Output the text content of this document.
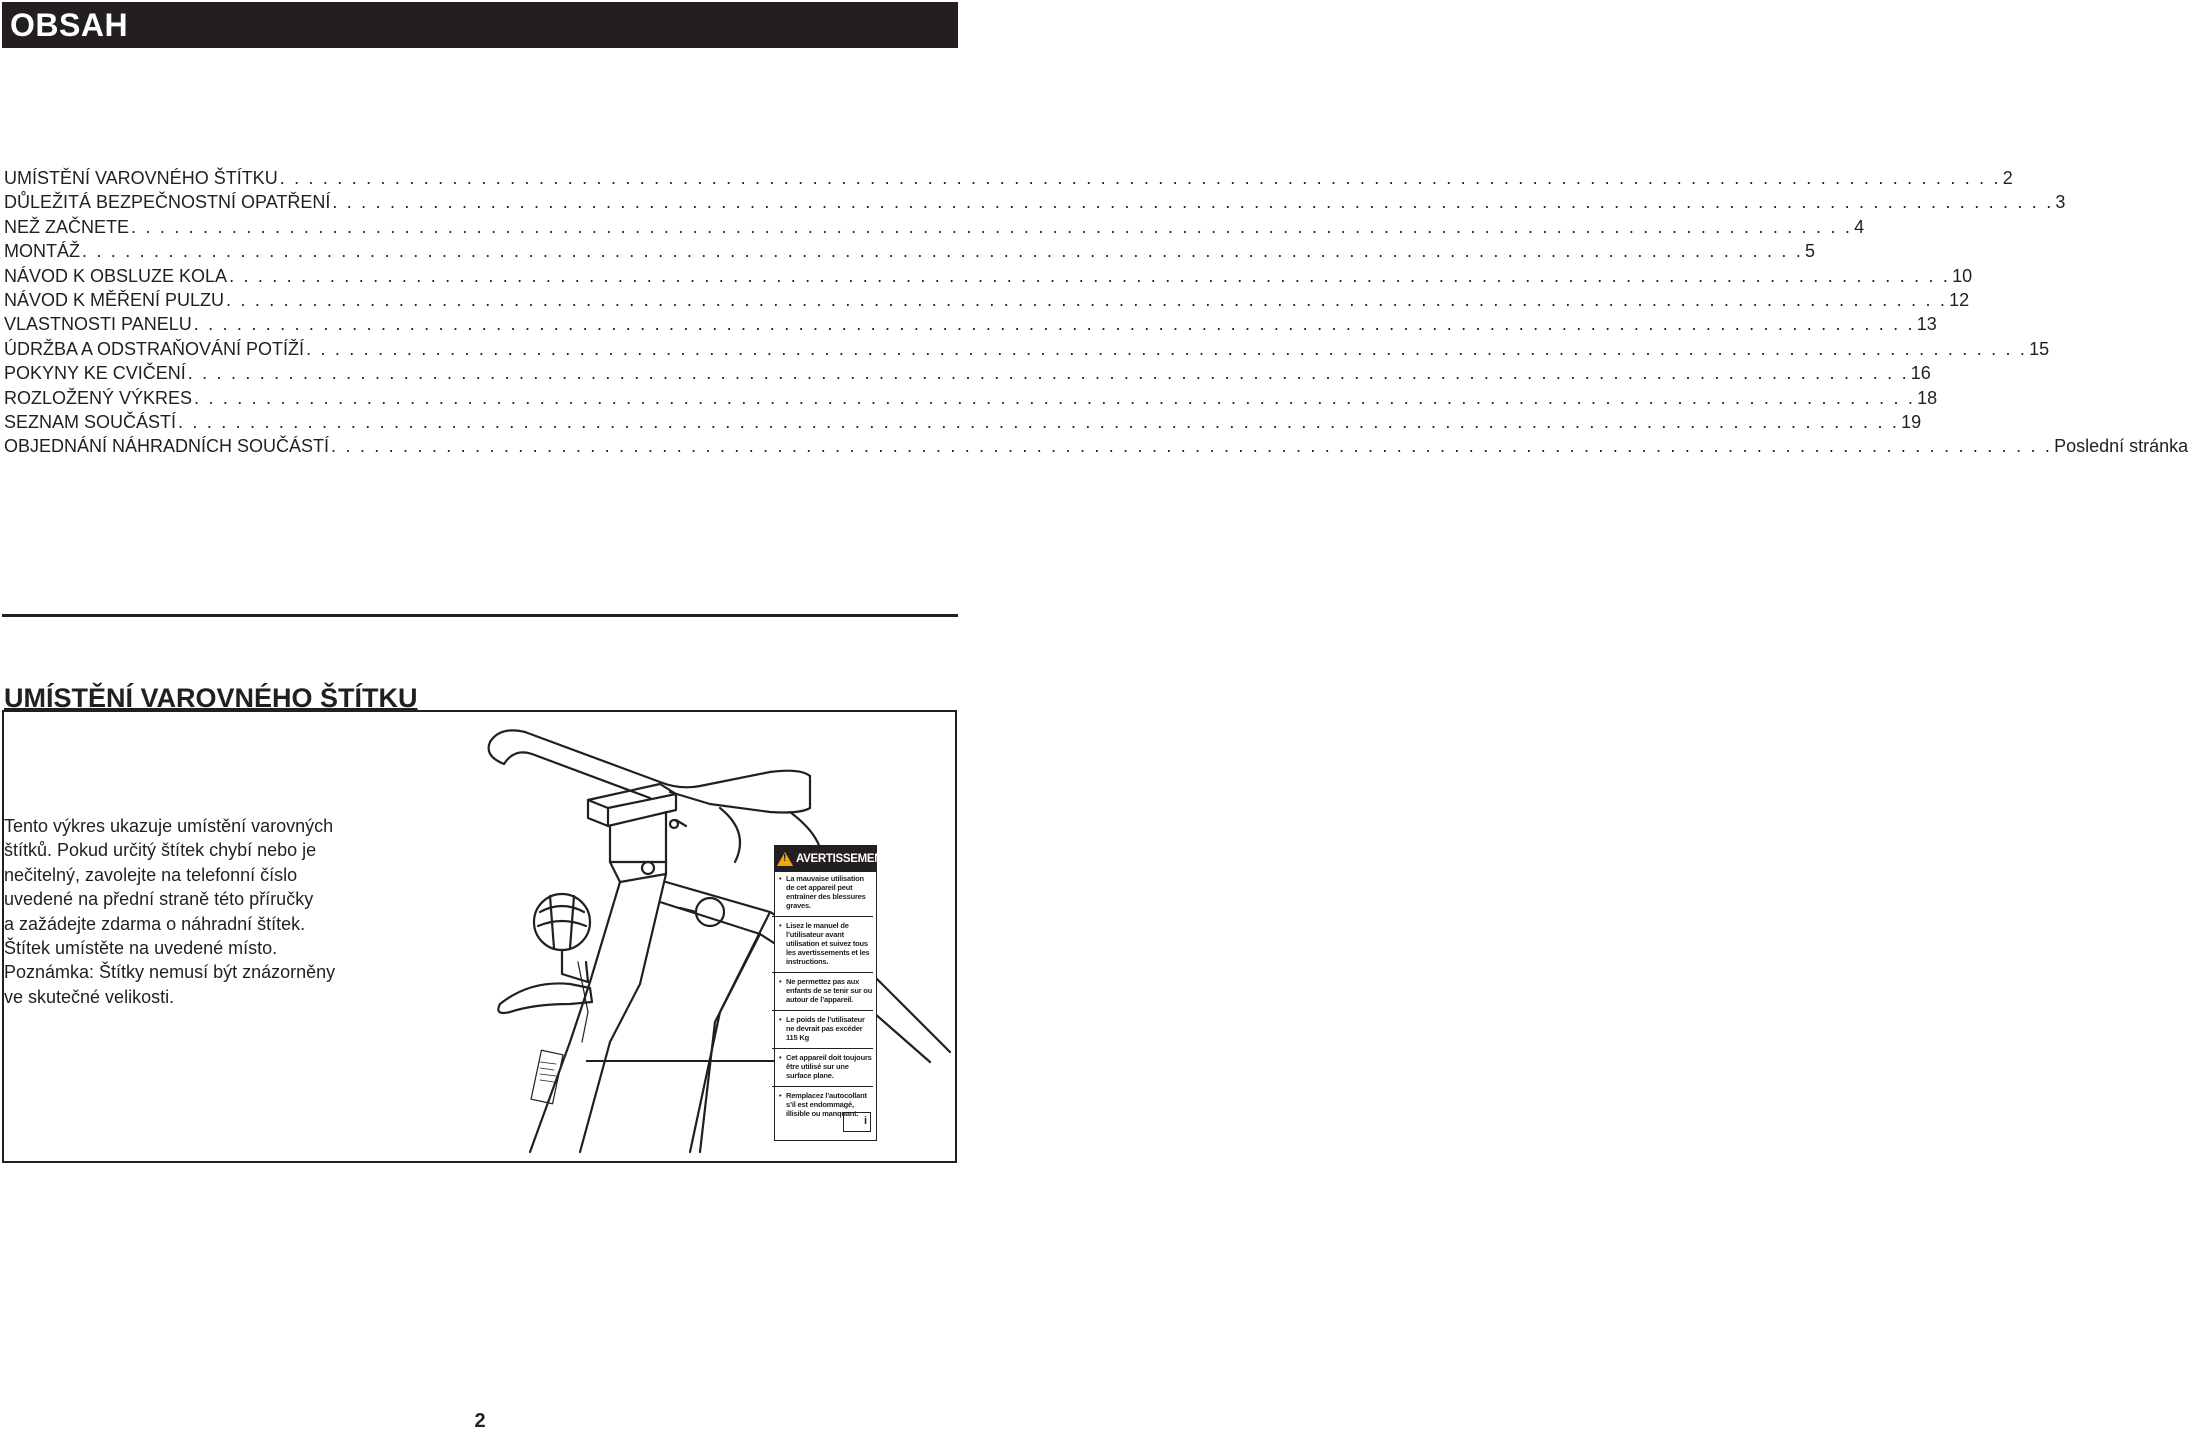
OBSAH
UMÍSTĚNÍ VAROVNÉHO ŠTÍTKU . . . . . . . . . . . . . . . . . . . . . . . . . . . . . . . . . . . . . . . . . . . . . . . . . . . . . . . . . . . . . . . . . . . . . . . . . . . . . . . . . . . . . . . . . . . . . . . . . . . . . . . . . . . . . . . . . . . . . . . . 2
DŮLEŽITÁ BEZPEČNOSTNÍ OPATŘENÍ . . . . . . . . . . . . . . . . . . . . . . . . . . . . . . . . . . . . . . . . . . . . . . . . . . . . . . . . . . . . . . . . . . . . . . . . . . . . . . . . . . . . . . . . . . . . . . . . . . . . . . . . . . . . . . . . . . . . . . . . 3
NEŽ ZAČNETE . . . . . . . . . . . . . . . . . . . . . . . . . . . . . . . . . . . . . . . . . . . . . . . . . . . . . . . . . . . . . . . . . . . . . . . . . . . . . . . . . . . . . . . . . . . . . . . . . . . . . . . . . . . . . . . . . . . . . . . . 4
MONTÁŽ . . . . . . . . . . . . . . . . . . . . . . . . . . . . . . . . . . . . . . . . . . . . . . . . . . . . . . . . . . . . . . . . . . . . . . . . . . . . . . . . . . . . . . . . . . . . . . . . . . . . . . . . . . . . . . . . . . . . . . . . 5
NÁVOD K OBSLUZE KOLA . . . . . . . . . . . . . . . . . . . . . . . . . . . . . . . . . . . . . . . . . . . . . . . . . . . . . . . . . . . . . . . . . . . . . . . . . . . . . . . . . . . . . . . . . . . . . . . . . . . . . . . . . . . . . . . . . . . . . . . . 10
NÁVOD K MĚŘENÍ PULZU . . . . . . . . . . . . . . . . . . . . . . . . . . . . . . . . . . . . . . . . . . . . . . . . . . . . . . . . . . . . . . . . . . . . . . . . . . . . . . . . . . . . . . . . . . . . . . . . . . . . . . . . . . . . . . . . . . . . . . . . 12
VLASTNOSTI PANELU . . . . . . . . . . . . . . . . . . . . . . . . . . . . . . . . . . . . . . . . . . . . . . . . . . . . . . . . . . . . . . . . . . . . . . . . . . . . . . . . . . . . . . . . . . . . . . . . . . . . . . . . . . . . . . . . . . . . . . . . 13
ÚDRŽBA A ODSTRAŇOVÁNÍ POTÍŽÍ . . . . . . . . . . . . . . . . . . . . . . . . . . . . . . . . . . . . . . . . . . . . . . . . . . . . . . . . . . . . . . . . . . . . . . . . . . . . . . . . . . . . . . . . . . . . . . . . . . . . . . . . . . . . . . . . . . . . . . . . 15
POKYNY KE CVIČENÍ . . . . . . . . . . . . . . . . . . . . . . . . . . . . . . . . . . . . . . . . . . . . . . . . . . . . . . . . . . . . . . . . . . . . . . . . . . . . . . . . . . . . . . . . . . . . . . . . . . . . . . . . . . . . . . . . . . . . . . . . 16
ROZLOŽENÝ VÝKRES . . . . . . . . . . . . . . . . . . . . . . . . . . . . . . . . . . . . . . . . . . . . . . . . . . . . . . . . . . . . . . . . . . . . . . . . . . . . . . . . . . . . . . . . . . . . . . . . . . . . . . . . . . . . . . . . . . . . . . . . 18
SEZNAM SOUČÁSTÍ . . . . . . . . . . . . . . . . . . . . . . . . . . . . . . . . . . . . . . . . . . . . . . . . . . . . . . . . . . . . . . . . . . . . . . . . . . . . . . . . . . . . . . . . . . . . . . . . . . . . . . . . . . . . . . . . . . . . . . . . 19
OBJEDNÁNÍ NÁHRADNÍCH SOUČÁSTÍ . . . . . . . . . . . . . . . . . . . . . . . . . . . . . . . . . . . . . . . . . . . . . . . . . . . . . . . . . . . . . . . . . . . . . . . . . . . . . . . . . . . . . . . . . . . . . . . . . . . . . . . . . . . . . . . . . . . . . . . . Poslední stránka
UMÍSTĚNÍ VAROVNÉHO ŠTÍTKU
Tento výkres ukazuje umístění varovných
štítků. Pokud určitý štítek chybí nebo je
nečitelný, zavolejte na telefonní číslo
uvedené na přední straně této příručky
a zažádejte zdarma o náhradní štítek.
Štítek umístěte na uvedené místo.
Poznámka: Štítky nemusí být znázorněny
ve skutečné velikosti.
! AVERTISSEMENT
• La mauvaise utilisation de cet appareil peut entraîner des blessures graves.
• Lisez le manuel de l’utilisateur avant utilisation et suivez tous les avertissements et les instructions.
• Ne permettez pas aux enfants de se tenir sur ou autour de l’appareil.
• Le poids de l’utilisateur ne devrait pas excéder 115 Kg
• Cet appareil doit toujours être utilisé sur une surface plane.
• Remplacez l’autocollant s’il est endommagé, illisible ou manquant.
i
2
